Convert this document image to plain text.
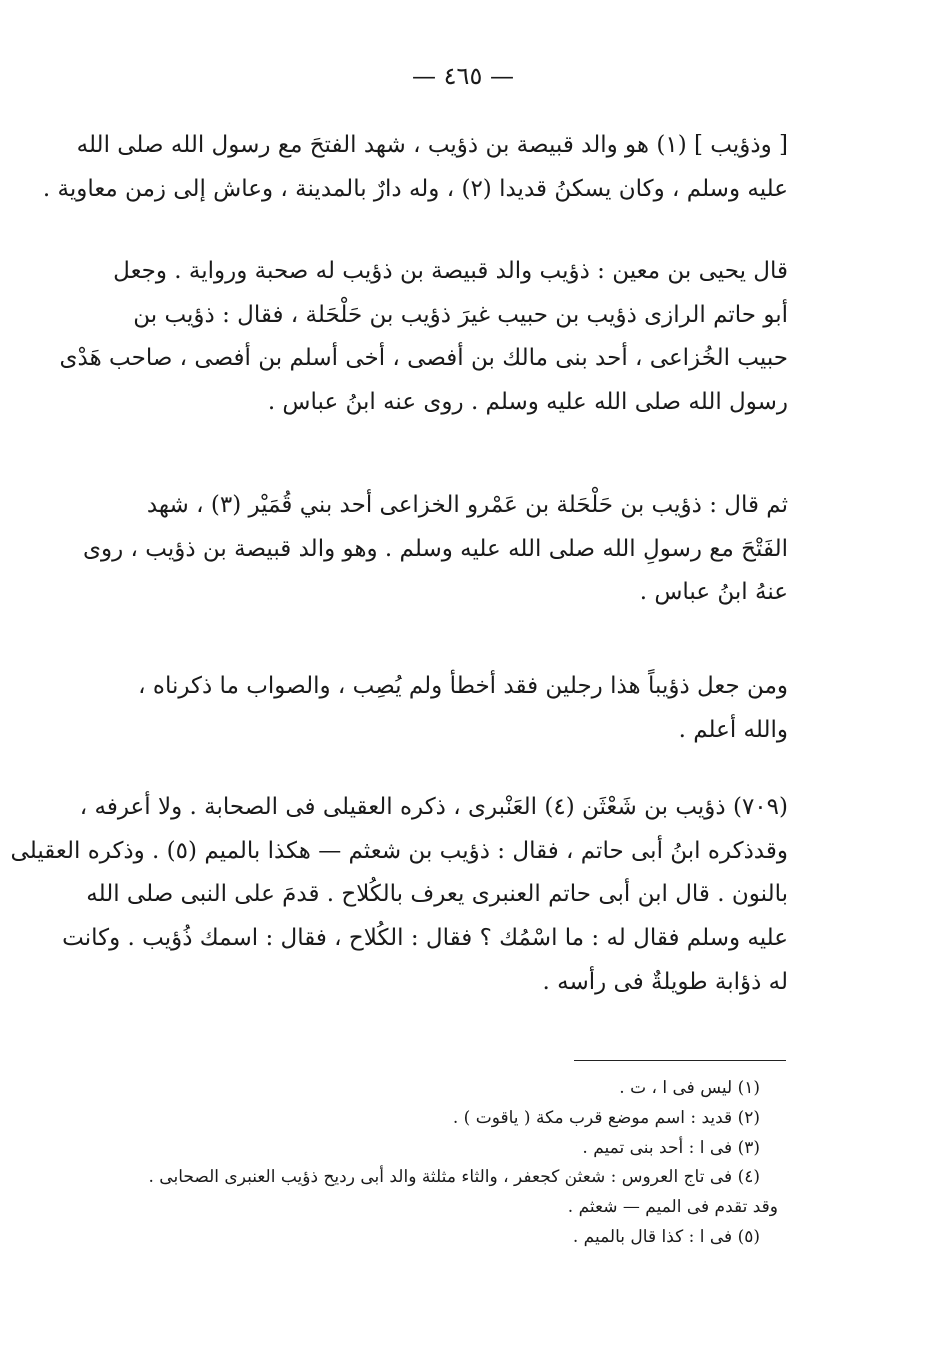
— ٤٦٥ —
[ وذؤيب ] (١) هو والد قبيصة بن ذؤيب ، شهد الفتحَ مع رسول الله صلى الله
عليه وسلم ، وكان يسكنُ قديدا (٢) ، وله دارٌ بالمدينة ، وعاش إلى زمن معاوية .
قال يحيى بن معين : ذؤيب والد قبيصة بن ذؤيب له صحبة ورواية . وجعل
أبو حاتم الرازى ذؤيب بن حبيب غيرَ ذؤيب بن حَلْحَلة ، فقال : ذؤيب بن
حبيب الخُزاعى ، أحد بنى مالك بن أفصى ، أخى أسلم بن أفصى ، صاحب هَدْى
رسول الله صلى الله عليه وسلم . روى عنه ابنُ عباس .
ثم قال : ذؤيب بن حَلْحَلة بن عَمْرو الخزاعى أحد بني قُمَيْر (٣) ، شهد
الفَتْحَ مع رسولِ الله صلى الله عليه وسلم . وهو والد قبيصة بن ذؤيب ، روى
عنهُ ابنُ عباس .
ومن جعل ذؤيباً هذا رجلين فقد أخطأ ولم يُصِب ، والصواب ما ذكرناه ،
والله أعلم .
(٧٠٩) ذؤيب بن شَعْثَن (٤) العَنْبرى ، ذكره العقيلى فى الصحابة . ولا أعرفه ،
وقدذكره ابنُ أبى حاتم ، فقال : ذؤيب بن شعثم — هكذا بالميم (٥) . وذكره العقيلى
بالنون . قال ابن أبى حاتم العنبرى يعرف بالكُلاح . قدمَ على النبى صلى الله
عليه وسلم فقال له : ما اسْمُك ؟ فقال : الكُلاح ، فقال : اسمك ذُؤيب . وكانت
له ذؤابة طويلةٌ فى رأسه .
(١) ليس فى ا ، ت .
(٢) قديد : اسم موضع قرب مكة ( ياقوت ) .
(٣) فى ا : أحد بنى تميم .
(٤) فى تاج العروس : شعثن كجعفر ، والثاء مثلثة والد أبى رديح ذؤيب العنبرى الصحابى .
وقد تقدم فى الميم — شعثم .
(٥) فى ا : كذا قال بالميم .
